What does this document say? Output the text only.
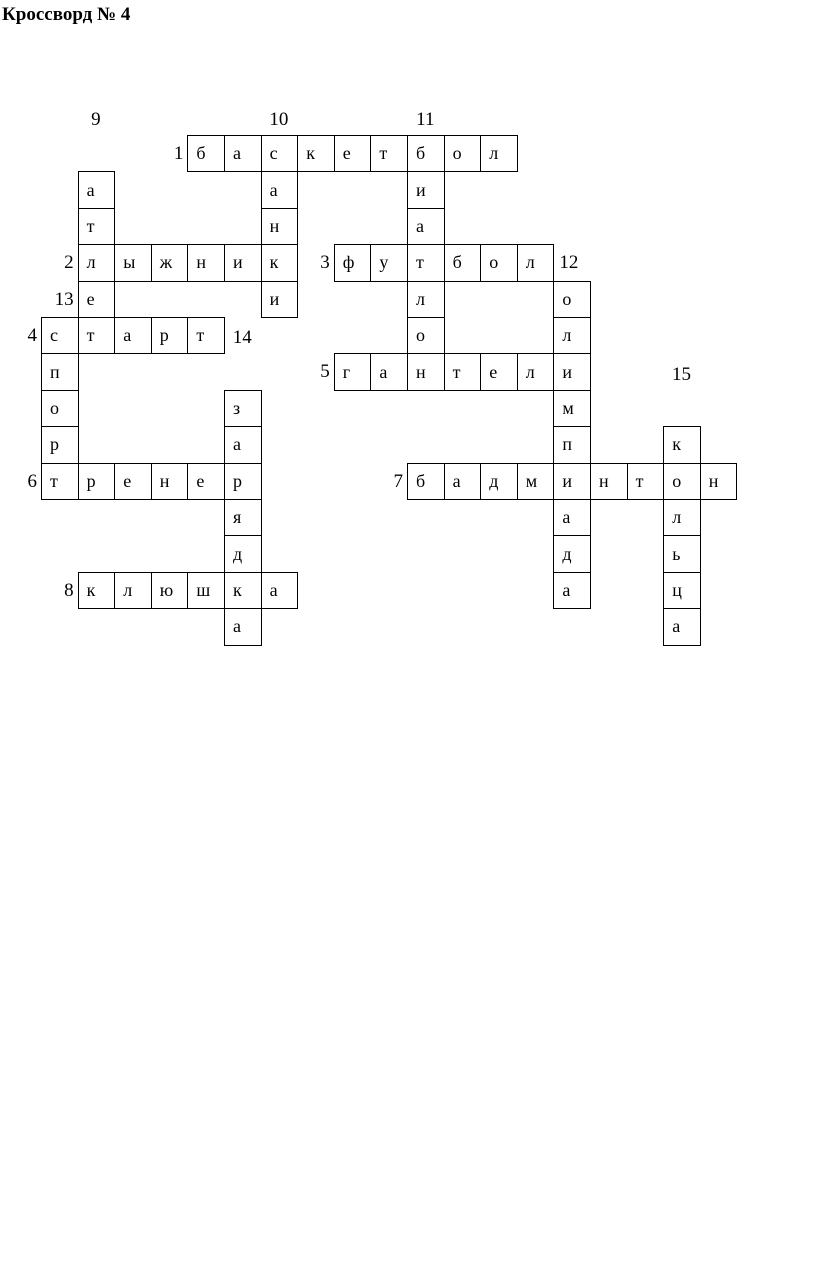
Кроссворд № 4
б	а	с	к	е	т	б	о	л
а	а	и
т	н	а
л	ы	ж	н	и	к	ф	у	т	б	о	л
е	и	л	о
с	т	а	р	т	о	л
п	г	а	н	т	е	л	и
о	з	м
р	а	п	к
т	р	е	н	е	р	б	а	д	м	и	н	т	о	н
я	а	л
д	д	ь
к	л	ю	ш	к	а	а	ц
а	а
10	11
9
1
2	3	12
13
4	14
5	15
6	7
8
